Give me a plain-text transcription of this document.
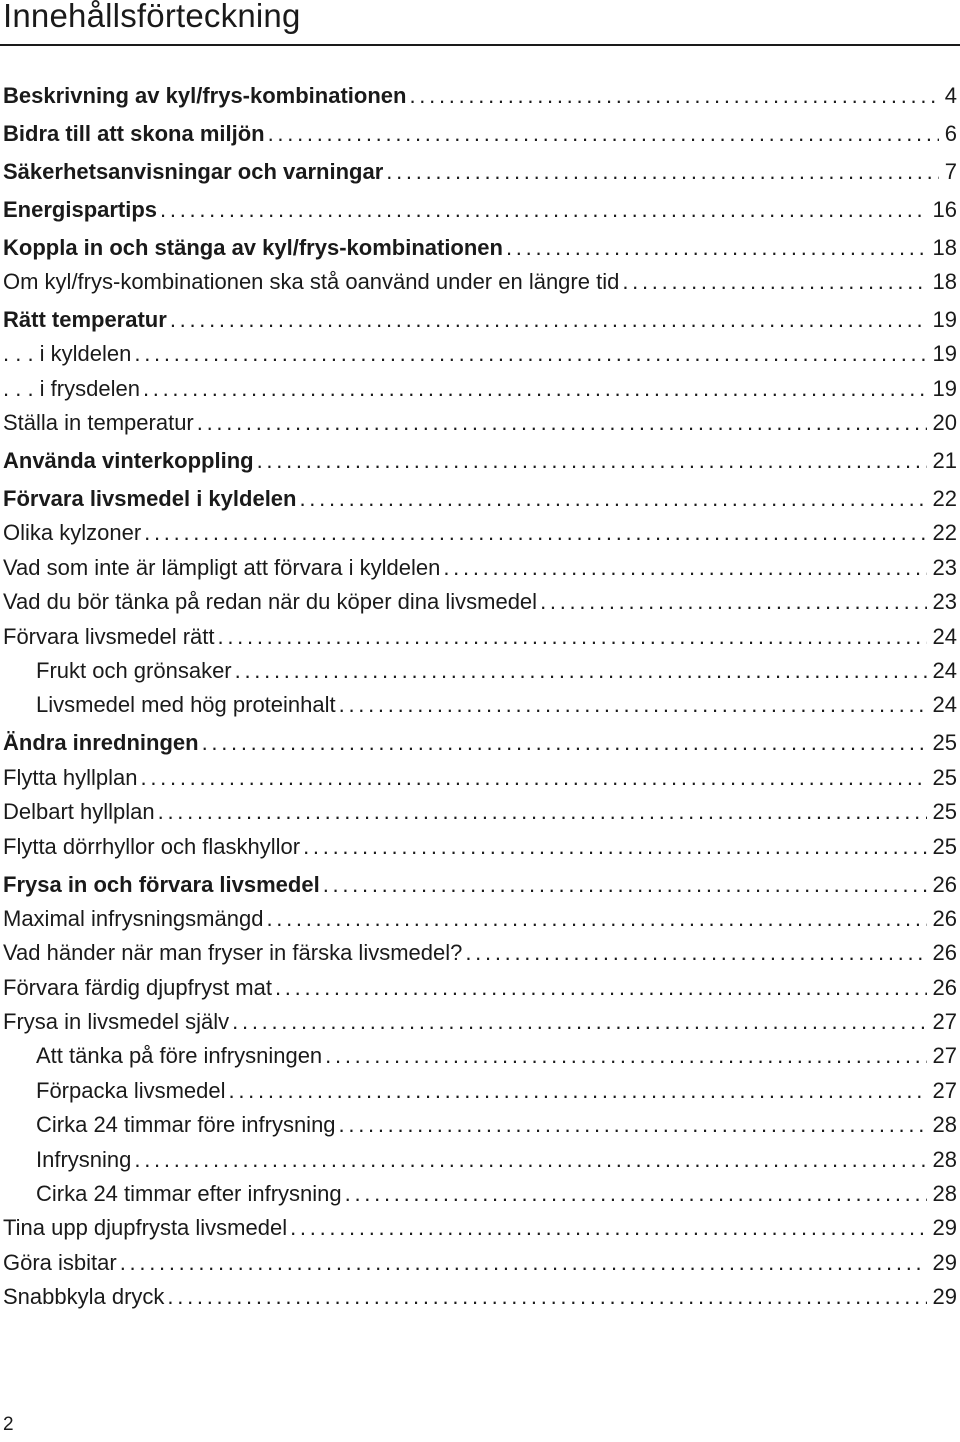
Innehållsförteckning
Beskrivning av kyl/frys-kombinationen . . .	4
Bidra till att skona miljön . . .	6
Säkerhetsanvisningar och varningar . . .	7
Energispartips . . .	16
Koppla in och stänga av kyl/frys-kombinationen . . .	18
Om kyl/frys-kombinationen ska stå oanvänd under en längre tid . . .	18
Rätt temperatur . . .	19
. . . i kyldelen . . .	19
. . . i frysdelen . . .	19
Ställa in temperatur . . .	20
Använda vinterkoppling . . .	21
Förvara livsmedel i kyldelen . . .	22
Olika kylzoner . . .	22
Vad som inte är lämpligt att förvara i kyldelen . . .	23
Vad du bör tänka på redan när du köper dina livsmedel . . .	23
Förvara livsmedel rätt . . .	24
Frukt och grönsaker . . .	24
Livsmedel med hög proteinhalt . . .	24
Ändra inredningen . . .	25
Flytta hyllplan . . .	25
Delbart hyllplan . . .	25
Flytta dörrhyllor och flaskhyllor . . .	25
Frysa in och förvara livsmedel . . .	26
Maximal infrysningsmängd . . .	26
Vad händer när man fryser in färska livsmedel? . . .	26
Förvara färdig djupfryst mat . . .	26
Frysa in livsmedel själv . . .	27
Att tänka på före infrysningen . . .	27
Förpacka livsmedel . . .	27
Cirka 24 timmar före infrysning . . .	28
Infrysning . . .	28
Cirka 24 timmar efter infrysning . . .	28
Tina upp djupfrysta livsmedel . . .	29
Göra isbitar . . .	29
Snabbkyla dryck . . .	29
2
